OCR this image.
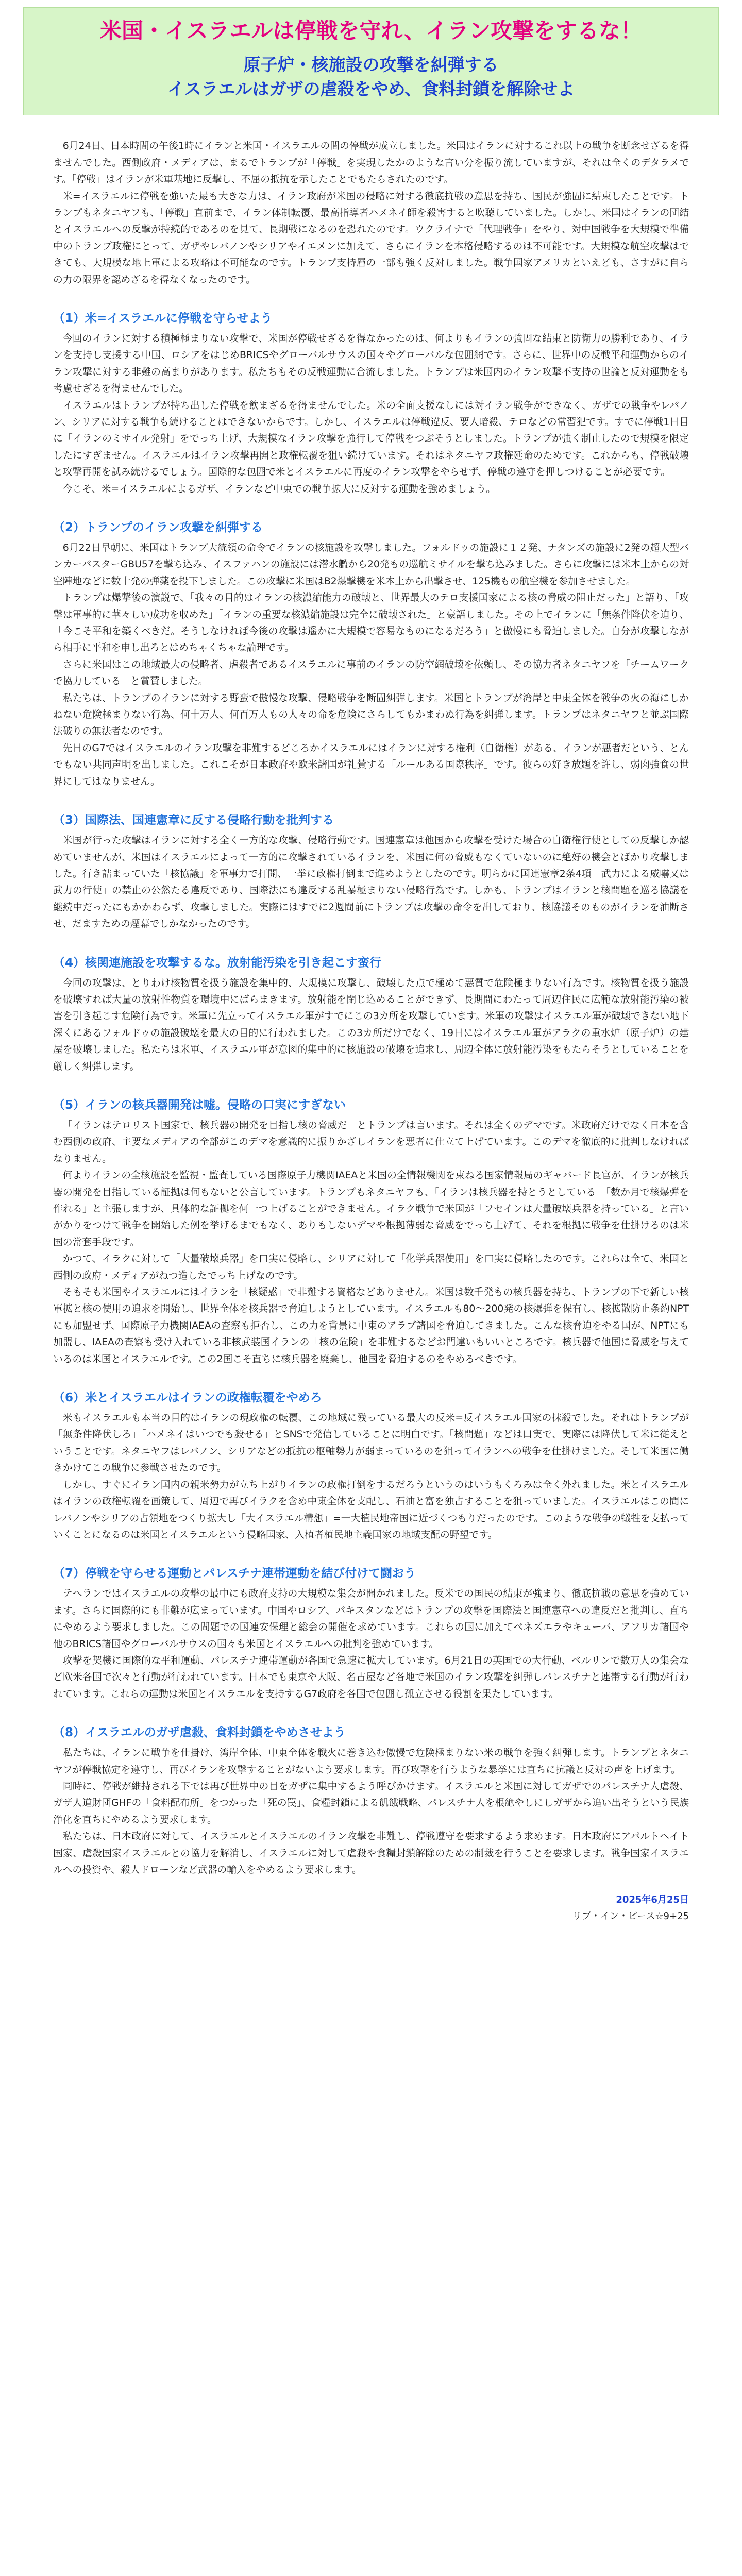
米国・イスラエルは停戦を守れ、イラン攻撃をするな！

原子炉・核施設の攻撃を糾弾する

イスラエルはガザの虐殺をやめ、食料封鎖を解除せよ

6月24日、日本時間の午後1時にイランと米国・イスラエルの間の停戦が成立しました。米国はイランに対するこれ以上の戦争を断念せざるを得ませんでした。西側政府・メディアは、まるでトランプが「停戦」を実現したかのような言い分を振り流していますが、それは全くのデタラメです。「停戦」はイランが米軍基地に反撃し、不屈の抵抗を示したことでもたらされたのです。

米=イスラエルに停戦を強いた最も大きな力は、イラン政府が米国の侵略に対する徹底抗戦の意思を持ち、国民が強固に結束したことです。トランプもネタニヤフも、「停戦」直前まで、イラン体制転覆、最高指導者ハメネイ師を殺害すると吹聴していました。しかし、米国はイランの団結とイスラエルへの反撃が持続的であるのを見て、長期戦になるのを恐れたのです。ウクライナで「代理戦争」をやり、対中国戦争を大規模で準備中のトランプ政権にとって、ガザやレバノンやシリアやイエメンに加えて、さらにイランを本格侵略するのは不可能です。大規模な航空攻撃はできても、大規模な地上軍による攻略は不可能なのです。トランプ支持層の一部も強く反対しました。戦争国家アメリカといえども、さすがに自らの力の限界を認めざるを得なくなったのです。

（1）米=イスラエルに停戦を守らせよう

今回のイランに対する積極極まりない攻撃で、米国が停戦せざるを得なかったのは、何よりもイランの強固な結束と防衛力の勝利であり、イランを支持し支援する中国、ロシアをはじめBRICSやグローバルサウスの国々やグローバルな包囲網です。さらに、世界中の反戦平和運動からのイラン攻撃に対する非難の高まりがあります。私たちもその反戦運動に合流しました。トランプは米国内のイラン攻撃不支持の世論と反対運動をも考慮せざるを得ませんでした。

イスラエルはトランプが持ち出した停戦を飲まざるを得ませんでした。米の全面支援なしには対イラン戦争ができなく、ガザでの戦争やレバノン、シリアに対する戦争も続けることはできないからです。しかし、イスラエルは停戦違反、要人暗殺、テロなどの常習犯です。すでに停戦1日目に「イランのミサイル発射」をでっち上げ、大規模なイラン攻撃を強行して停戦をつぶそうとしました。トランプが強く制止したので規模を限定したにすぎません。イスラエルはイラン攻撃再開と政権転覆を狙い続けています。それはネタニヤフ政権延命のためです。これからも、停戦破壊と攻撃再開を試み続けるでしょう。国際的な包囲で米とイスラエルに再度のイラン攻撃をやらせず、停戦の遵守を押しつけることが必要です。

今こそ、米=イスラエルによるガザ、イランなど中東での戦争拡大に反対する運動を強めましょう。

（2）トランプのイラン攻撃を糾弾する

6月22日早朝に、米国はトランプ大統領の命令でイランの核施設を攻撃しました。フォルドゥの施設に１２発、ナタンズの施設に2発の超大型バンカーバスターGBU57を撃ち込み、イスファハンの施設には潜水艦から20発もの巡航ミサイルを撃ち込みました。さらに攻撃には米本土からの対空陣地などに数十発の弾薬を投下しました。この攻撃に米国はB2爆撃機を米本土から出撃させ、125機もの航空機を参加させました。

トランプは爆撃後の演説で、「我々の目的はイランの核濃縮能力の破壊と、世界最大のテロ支援国家による核の脅威の阻止だった」と語り、「攻撃は軍事的に華々しい成功を収めた」「イランの重要な核濃縮施設は完全に破壊された」と豪語しました。その上でイランに「無条件降伏を迫り、「今こそ平和を築くべきだ。そうしなければ今後の攻撃は遥かに大規模で容易なものになるだろう」と傲慢にも脅迫しました。自分が攻撃しながら相手に平和を申し出ろとはめちゃくちゃな論理です。

さらに米国はこの地域最大の侵略者、虐殺者であるイスラエルに事前のイランの防空網破壊を依頼し、その協力者ネタニヤフを「チームワークで協力している」と賞賛しました。

私たちは、トランプのイランに対する野蛮で傲慢な攻撃、侵略戦争を断固糾弾します。米国とトランプが湾岸と中東全体を戦争の火の海にしかねない危険極まりない行為、何十万人、何百万人もの人々の命を危険にさらしてもかまわぬ行為を糾弾します。トランプはネタニヤフと並ぶ国際法破りの無法者なのです。

先日のG7ではイスラエルのイラン攻撃を非難するどころかイスラエルにはイランに対する権利（自衛権）がある、イランが悪者だという、とんでもない共同声明を出しました。これこそが日本政府や欧米諸国が礼賛する「ルールある国際秩序」です。彼らの好き放題を許し、弱肉強食の世界にしてはなりません。

（3）国際法、国連憲章に反する侵略行動を批判する

米国が行った攻撃はイランに対する全く一方的な攻撃、侵略行動です。国連憲章は他国から攻撃を受けた場合の自衛権行使としての反撃しか認めていませんが、米国はイスラエルによって一方的に攻撃されているイランを、米国に何の脅威もなくていないのに絶好の機会とばかり攻撃しました。行き詰まっていた「核協議」を軍事力で打開、一挙に政権打倒まで進めようとしたのです。明らかに国連憲章2条4項「武力による威嚇又は武力の行使」の禁止の公然たる違反であり、国際法にも違反する乱暴極まりない侵略行為です。しかも、トランプはイランと核問題を巡る協議を継続中だったにもかかわらず、攻撃しました。実際にはすでに2週間前にトランプは攻撃の命令を出しており、核協議そのものがイランを油断させ、だますための煙幕でしかなかったのです。

（4）核関連施設を攻撃するな。放射能汚染を引き起こす蛮行

今回の攻撃は、とりわけ核物質を扱う施設を集中的、大規模に攻撃し、破壊した点で極めて悪質で危険極まりない行為です。核物質を扱う施設を破壊すれば大量の放射性物質を環境中にばらまきます。放射能を閉じ込めることができず、長期間にわたって周辺住民に広範な放射能汚染の被害を引き起こす危険行為です。米軍に先立ってイスラエル軍がすでにこの3カ所を攻撃しています。米軍の攻撃はイスラエル軍が破壊できない地下深くにあるフォルドゥの施設破壊を最大の目的に行われました。この3カ所だけでなく、19日にはイスラエル軍がアラクの重水炉（原子炉）の建屋を破壊しました。私たちは米軍、イスラエル軍が意図的集中的に核施設の破壊を追求し、周辺全体に放射能汚染をもたらそうとしていることを厳しく糾弾します。

（5）イランの核兵器開発は嘘。侵略の口実にすぎない

「イランはテロリスト国家で、核兵器の開発を目指し核の脅威だ」とトランプは言います。それは全くのデマです。米政府だけでなく日本を含む西側の政府、主要なメディアの全部がこのデマを意識的に振りかざしイランを悪者に仕立て上げています。このデマを徹底的に批判しなければなりません。

何よりイランの全核施設を監視・監査している国際原子力機関IAEAと米国の全情報機関を束ねる国家情報局のギャバード長官が、イランが核兵器の開発を目指している証拠は何もないと公言しています。トランプもネタニヤフも、「イランは核兵器を持とうとしている」「数か月で核爆弾を作れる」と主張しますが、具体的な証拠を何一つ上げることができません。イラク戦争で米国が「フセインは大量破壊兵器を持っている」と言いがかりをつけて戦争を開始した例を挙げるまでもなく、ありもしないデマや根拠薄弱な脅威をでっち上げて、それを根拠に戦争を仕掛けるのは米国の常套手段です。

かつて、イラクに対して「大量破壊兵器」を口実に侵略し、シリアに対して「化学兵器使用」を口実に侵略したのです。これらは全て、米国と西側の政府・メディアがねつ造したでっち上げなのです。

そもそも米国やイスラエルにはイランを「核疑惑」で非難する資格などありません。米国は数千発もの核兵器を持ち、トランプの下で新しい核軍拡と核の使用の追求を開始し、世界全体を核兵器で脅迫しようとしています。イスラエルも80〜200発の核爆弾を保有し、核拡散防止条約NPTにも加盟せず、国際原子力機関IAEAの査察も拒否し、この力を背景に中東のアラブ諸国を脅迫してきました。こんな核脅迫をやる国が、NPTにも加盟し、IAEAの査察も受け入れている非核武装国イランの「核の危険」を非難するなどお門違いもいいところです。核兵器で他国に脅威を与えているのは米国とイスラエルです。この2国こそ直ちに核兵器を廃棄し、他国を脅迫するのをやめるべきです。

（6）米とイスラエルはイランの政権転覆をやめろ

米もイスラエルも本当の目的はイランの現政権の転覆、この地域に残っている最大の反米=反イスラエル国家の抹殺でした。それはトランプが「無条件降伏しろ」「ハメネイはいつでも殺せる」とSNSで発信していることに明白です。「核問題」などは口実で、実際には降伏して米に従えということです。ネタニヤフはレバノン、シリアなどの抵抗の枢軸勢力が弱まっているのを狙ってイランへの戦争を仕掛けました。そして米国に働きかけてこの戦争に参戦させたのです。

しかし、すぐにイラン国内の親米勢力が立ち上がりイランの政権打倒をするだろうというのはいうもくろみは全く外れました。米とイスラエルはイランの政権転覆を画策して、周辺で再びイラクを含め中東全体を支配し、石油と富を独占することを狙っていました。イスラエルはこの間にレバノンやシリアの占領地をつくり拡大し「大イスラエル構想」=一大植民地帝国に近づくつもりだったのです。このような戦争の犠牲を支払っていくことになるのは米国とイスラエルという侵略国家、入植者植民地主義国家の地域支配の野望です。

（7）停戦を守らせる運動とパレスチナ連帯運動を結び付けて闘おう

テヘランではイスラエルの攻撃の最中にも政府支持の大規模な集会が開かれました。反米での国民の結束が強まり、徹底抗戦の意思を強めています。さらに国際的にも非難が広まっています。中国やロシア、パキスタンなどはトランプの攻撃を国際法と国連憲章への違反だと批判し、直ちにやめるよう要求しました。この問題での国連安保理と総会の開催を求めています。これらの国に加えてベネズエラやキューバ、アフリカ諸国や他のBRICS諸国やグローバルサウスの国々も米国とイスラエルへの批判を強めています。

攻撃を契機に国際的な平和運動、パレスチナ連帯運動が各国で急速に拡大しています。6月21日の英国での大行動、ベルリンで数万人の集会など欧米各国で次々と行動が行われています。日本でも東京や大阪、名古屋など各地で米国のイラン攻撃を糾弾しパレスチナと連帯する行動が行われています。これらの運動は米国とイスラエルを支持するG7政府を各国で包囲し孤立させる役割を果たしています。

（8）イスラエルのガザ虐殺、食料封鎖をやめさせよう

私たちは、イランに戦争を仕掛け、湾岸全体、中東全体を戦火に巻き込む傲慢で危険極まりない米の戦争を強く糾弾します。トランプとネタニヤフが停戦協定を遵守し、再びイランを攻撃することがないよう要求します。再び攻撃を行うような暴挙には直ちに抗議と反対の声を上げます。

同時に、停戦が維持される下では再び世界中の目をガザに集中するよう呼びかけます。イスラエルと米国に対してガザでのパレスチナ人虐殺、ガザ人道財団GHFの「食料配布所」をつかった「死の罠」、食糧封鎖による飢餓戦略、パレスチナ人を根絶やしにしガザから追い出そうという民族浄化を直ちにやめるよう要求します。

私たちは、日本政府に対して、イスラエルとイスラエルのイラン攻撃を非難し、停戦遵守を要求するよう求めます。日本政府にアパルトヘイト国家、虐殺国家イスラエルとの協力を解消し、イスラエルに対して虐殺や食糧封鎖解除のための制裁を行うことを要求します。戦争国家イスラエルへの投資や、殺人ドローンなど武器の輸入をやめるよう要求します。

2025年6月25日
リブ・イン・ピース☆9+25
